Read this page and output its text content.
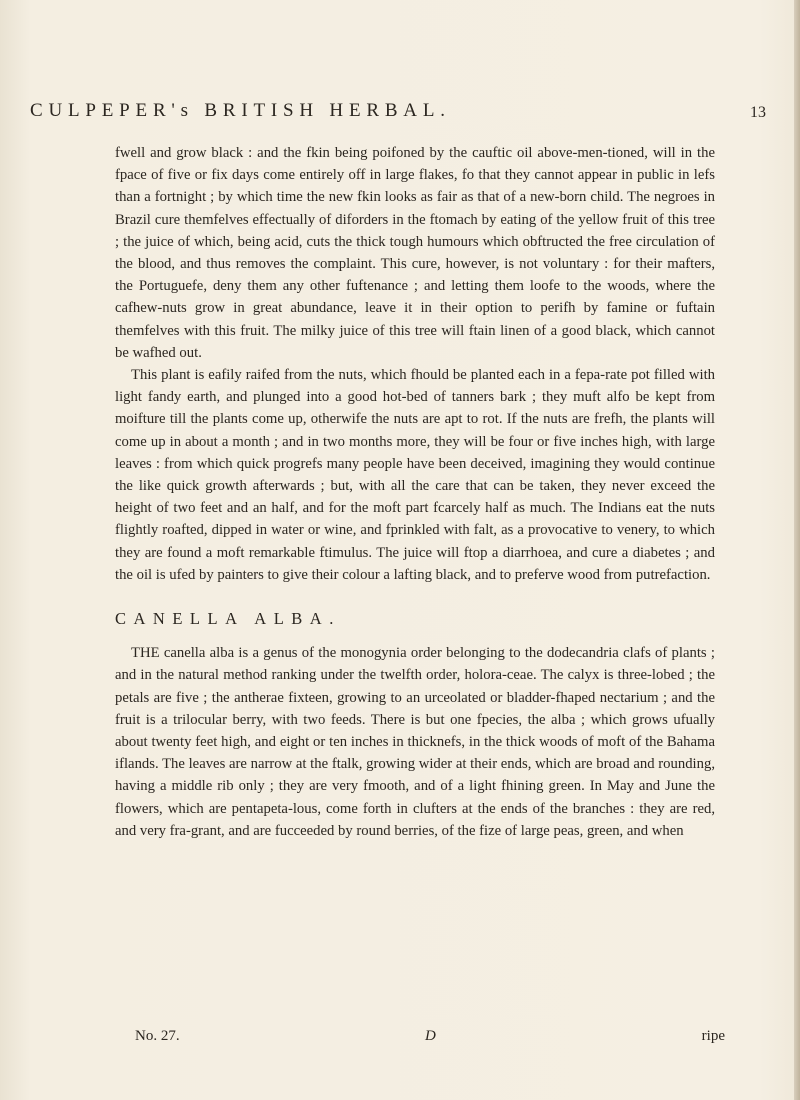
CULPEPER's BRITISH HERBAL.	13

fwell and grow black : and the fkin being poifoned by the cauftic oil above-men-tioned, will in the fpace of five or fix days come entirely off in large flakes, fo that they cannot appear in public in lefs than a fortnight ; by which time the new fkin looks as fair as that of a new-born child. The negroes in Brazil cure themfelves effectually of diforders in the ftomach by eating of the yellow fruit of this tree ; the juice of which, being acid, cuts the thick tough humours which obftructed the free circulation of the blood, and thus removes the complaint. This cure, however, is not voluntary : for their mafters, the Portuguefe, deny them any other fuftenance ; and letting them loofe to the woods, where the cafhew-nuts grow in great abundance, leave it in their option to perifh by famine or fuftain themfelves with this fruit. The milky juice of this tree will ftain linen of a good black, which cannot be wafhed out.

This plant is eafily raifed from the nuts, which fhould be planted each in a fepa-rate pot filled with light fandy earth, and plunged into a good hot-bed of tanners bark ; they muft alfo be kept from moifture till the plants come up, otherwife the nuts are apt to rot. If the nuts are frefh, the plants will come up in about a month ; and in two months more, they will be four or five inches high, with large leaves : from which quick progrefs many people have been deceived, imagining they would continue the like quick growth afterwards ; but, with all the care that can be taken, they never exceed the height of two feet and an half, and for the moft part fcarcely half as much. The Indians eat the nuts flightly roafted, dipped in water or wine, and fprinkled with falt, as a provocative to venery, to which they are found a moft remarkable ftimulus. The juice will ftop a diarrhoea, and cure a diabetes ; and the oil is ufed by painters to give their colour a lafting black, and to preferve wood from putrefaction.

CANELLA ALBA.

THE canella alba is a genus of the monogynia order belonging to the dodecandria clafs of plants ; and in the natural method ranking under the twelfth order, holora-ceae. The calyx is three-lobed ; the petals are five ; the antherae fixteen, growing to an urceolated or bladder-fhaped nectarium ; and the fruit is a trilocular berry, with two feeds. There is but one fpecies, the alba ; which grows ufually about twenty feet high, and eight or ten inches in thicknefs, in the thick woods of moft of the Bahama iflands. The leaves are narrow at the ftalk, growing wider at their ends, which are broad and rounding, having a middle rib only ; they are very fmooth, and of a light fhining green. In May and June the flowers, which are pentapeta-lous, come forth in clufters at the ends of the branches : they are red, and very fra-grant, and are fucceeded by round berries, of the fize of large peas, green, and when

No. 27.	D	ripe
